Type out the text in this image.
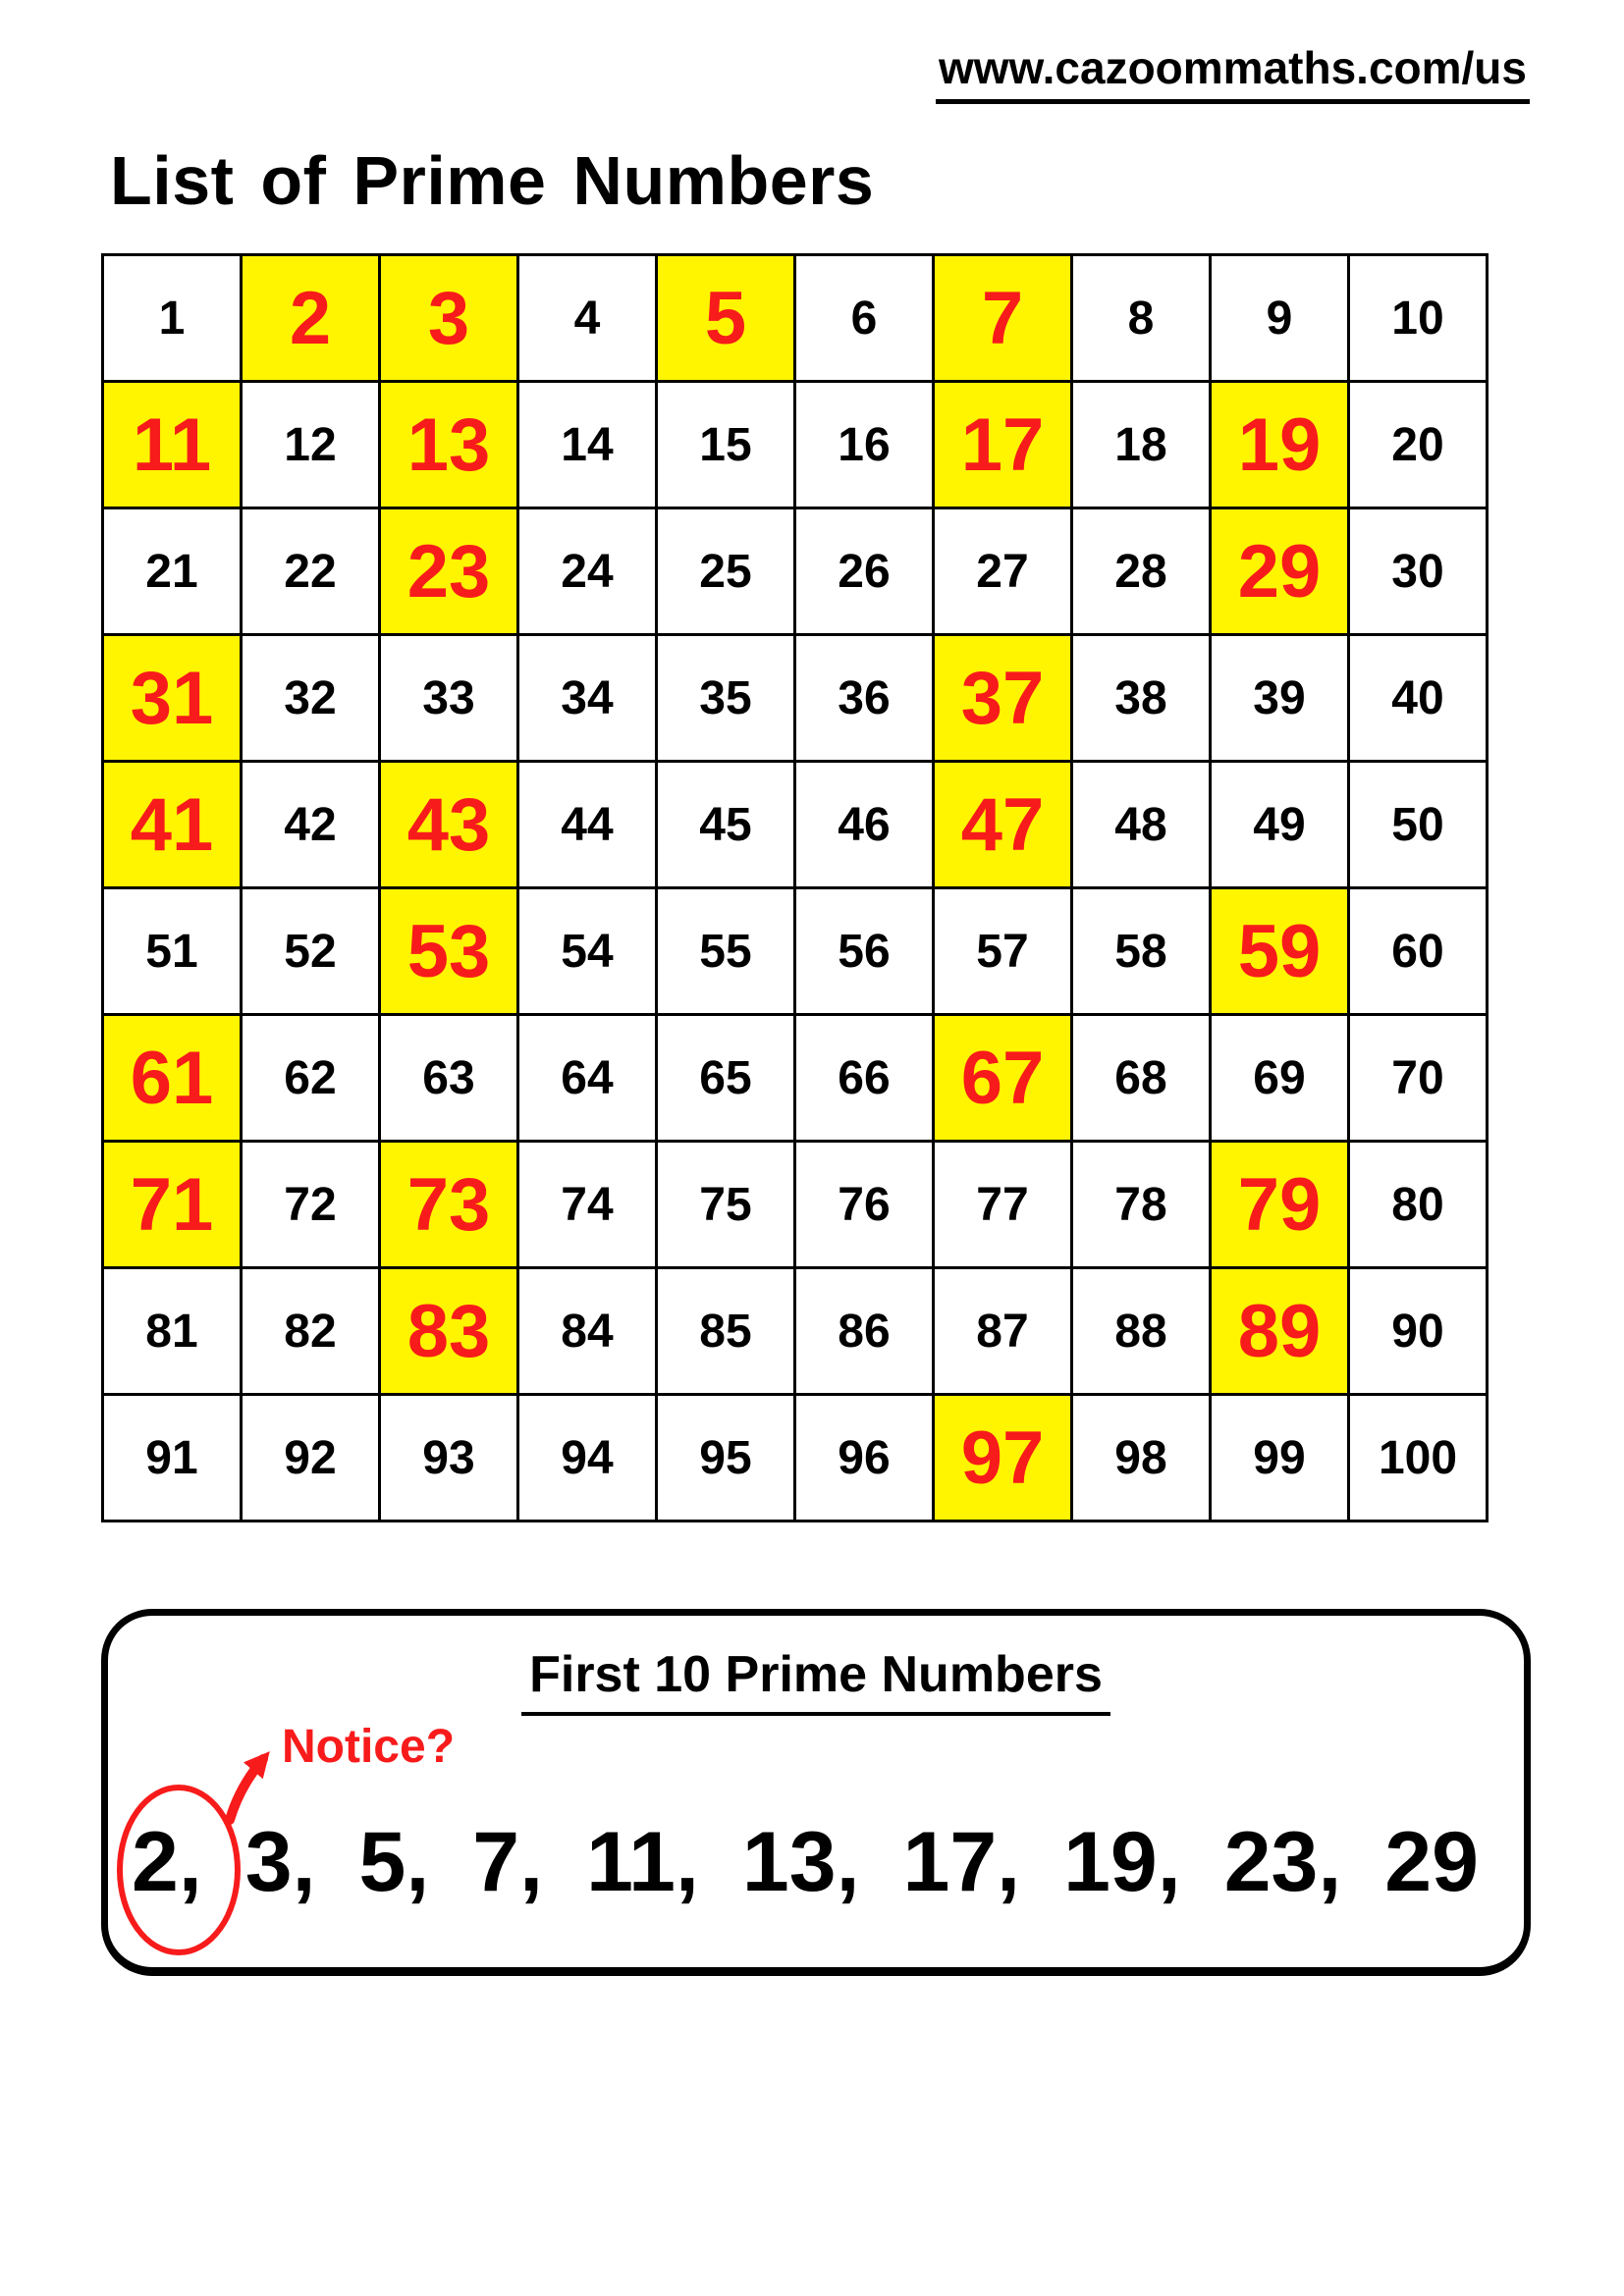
www.cazoommaths.com/us
List of Prime Numbers
1	2	3	4	5	6	7	8	9	10
11	12	13	14	15	16	17	18	19	20
21	22	23	24	25	26	27	28	29	30
31	32	33	34	35	36	37	38	39	40
41	42	43	44	45	46	47	48	49	50
51	52	53	54	55	56	57	58	59	60
61	62	63	64	65	66	67	68	69	70
71	72	73	74	75	76	77	78	79	80
81	82	83	84	85	86	87	88	89	90
91	92	93	94	95	96	97	98	99	100
First 10 Prime Numbers
Notice?
2, 3, 5, 7, 11, 13, 17, 19, 23, 29
